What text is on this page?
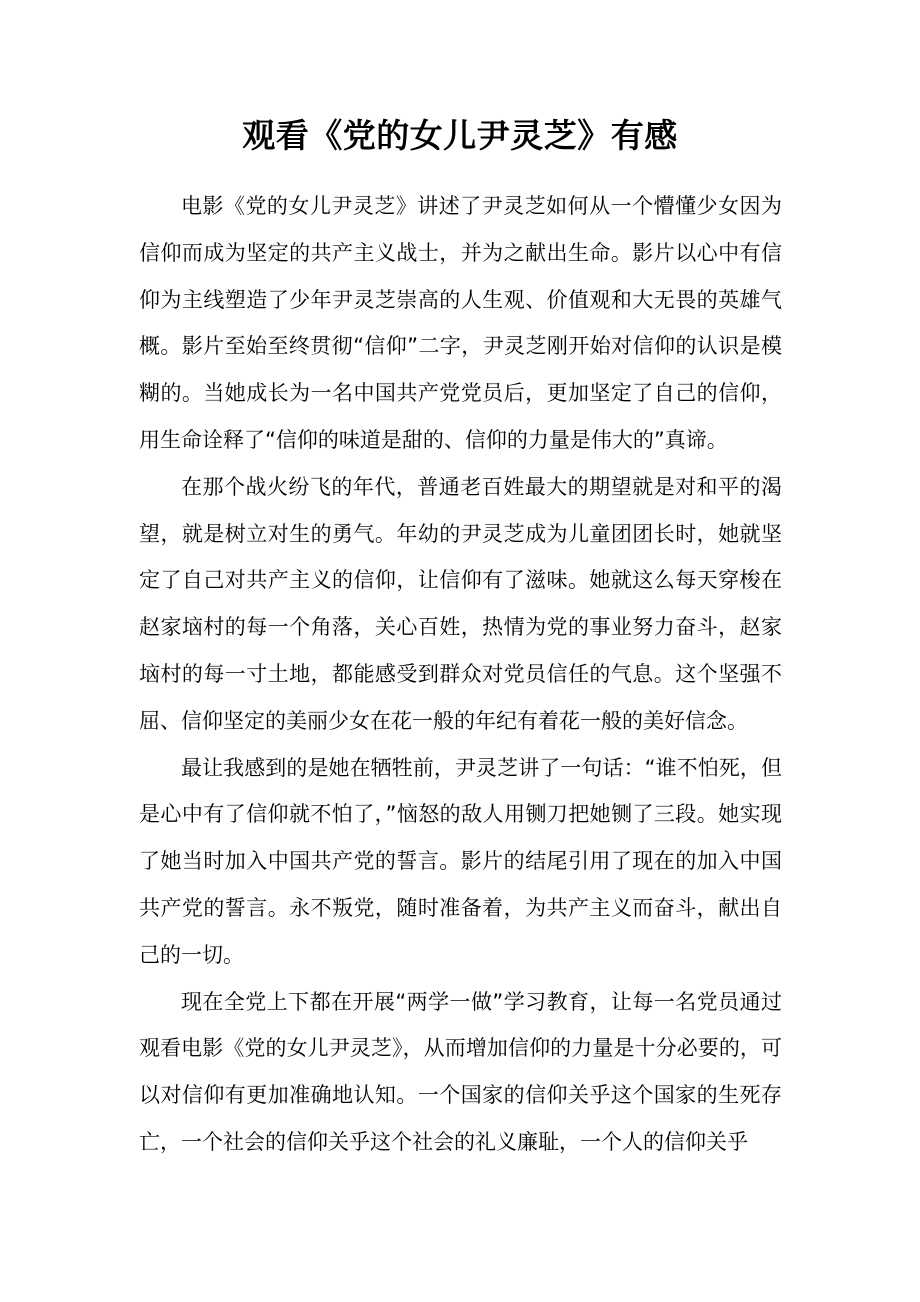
观看《党的女儿尹灵芝》有感

电影《党的女儿尹灵芝》讲述了尹灵芝如何从一个懵懂少女因为信仰而成为坚定的共产主义战士，并为之献出生命。影片以心中有信仰为主线塑造了少年尹灵芝崇高的人生观、价值观和大无畏的英雄气概。影片至始至终贯彻“信仰”二字，尹灵芝刚开始对信仰的认识是模糊的。当她成长为一名中国共产党党员后，更加坚定了自己的信仰，用生命诠释了“信仰的味道是甜的、信仰的力量是伟大的”真谛。

在那个战火纷飞的年代，普通老百姓最大的期望就是对和平的渴望，就是树立对生的勇气。年幼的尹灵芝成为儿童团团长时，她就坚定了自己对共产主义的信仰，让信仰有了滋味。她就这么每天穿梭在赵家垴村的每一个角落，关心百姓，热情为党的事业努力奋斗，赵家垴村的每一寸土地，都能感受到群众对党员信任的气息。这个坚强不屈、信仰坚定的美丽少女在花一般的年纪有着花一般的美好信念。

最让我感到的是她在牺牲前，尹灵芝讲了一句话：“谁不怕死，但是心中有了信仰就不怕了，”恼怒的敌人用铡刀把她铡了三段。她实现了她当时加入中国共产党的誓言。影片的结尾引用了现在的加入中国共产党的誓言。永不叛党，随时准备着，为共产主义而奋斗，献出自己的一切。

现在全党上下都在开展“两学一做”学习教育，让每一名党员通过观看电影《党的女儿尹灵芝》，从而增加信仰的力量是十分必要的，可以对信仰有更加准确地认知。一个国家的信仰关乎这个国家的生死存亡，一个社会的信仰关乎这个社会的礼义廉耻，一个人的信仰关乎
